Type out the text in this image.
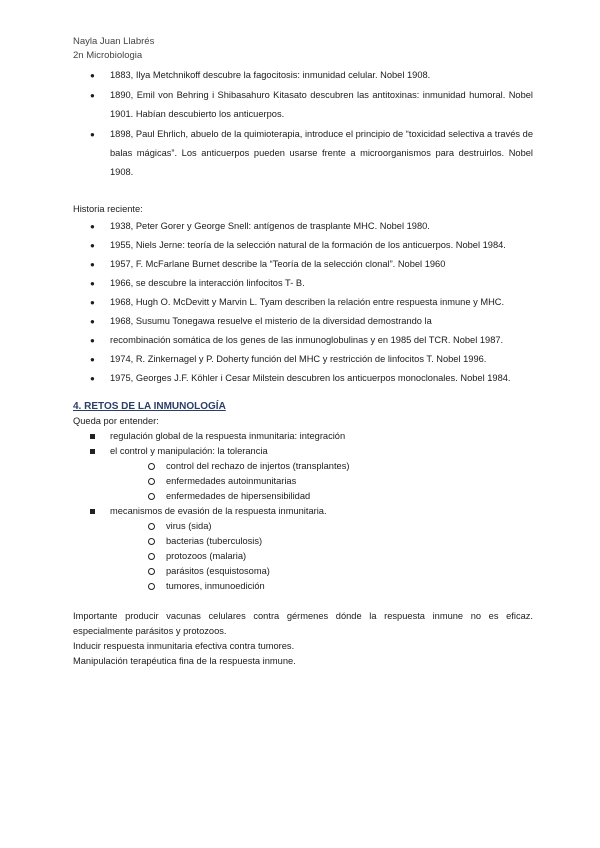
Nayla Juan Llabrés
2n Microbiologia
● 1883, Ilya Metchnikoff descubre la fagocitosis: inmunidad celular. Nobel 1908.
● 1890, Emil von Behring i Shibasahuro Kitasato descubren las antitoxinas: inmunidad humoral. Nobel 1901. Habían descubierto los anticuerpos.
● 1898, Paul Ehrlich, abuelo de la quimioterapia, introduce el principio de “toxicidad selectiva a través de balas mágicas”. Los anticuerpos pueden usarse frente a microorganismos para destruirlos. Nobel 1908.
Historia reciente:
● 1938, Peter Gorer y George Snell: antígenos de trasplante MHC. Nobel 1980.
● 1955, Niels Jerne: teoría de la selección natural de la formación de los anticuerpos. Nobel 1984.
● 1957, F. McFarlane Burnet describe la “Teoría de la selección clonal”. Nobel 1960
● 1966, se descubre la interacción linfocitos T- B.
● 1968, Hugh O. McDevitt y Marvin L. Tyam describen la relación entre respuesta inmune y MHC.
● 1968, Susumu Tonegawa resuelve el misterio de la diversidad demostrando la
● recombinación somática de los genes de las inmunoglobulinas y en 1985 del TCR. Nobel 1987.
● 1974, R. Zinkernagel y P. Doherty función del MHC y restricción de linfocitos T. Nobel 1996.
● 1975, Georges J.F. Köhler i Cesar Milstein descubren los anticuerpos monoclonales. Nobel 1984.
4. RETOS DE LA INMUNOLOGÍA
Queda por entender:
regulación global de la respuesta inmunitaria: integración
el control y manipulación: la tolerancia
control del rechazo de injertos (transplantes)
enfermedades autoinmunitarias
enfermedades de hipersensibilidad
mecanismos de evasión de la respuesta inmunitaria.
virus (sida)
bacterias (tuberculosis)
protozoos (malaria)
parásitos (esquistosoma)
tumores, inmunoedición

Importante producir vacunas celulares contra gérmenes dónde la respuesta inmune no es eficaz. especialmente parásitos y protozoos.

Inducir respuesta inmunitaria efectiva contra tumores.

Manipulación terapéutica fina de la respuesta inmune.
